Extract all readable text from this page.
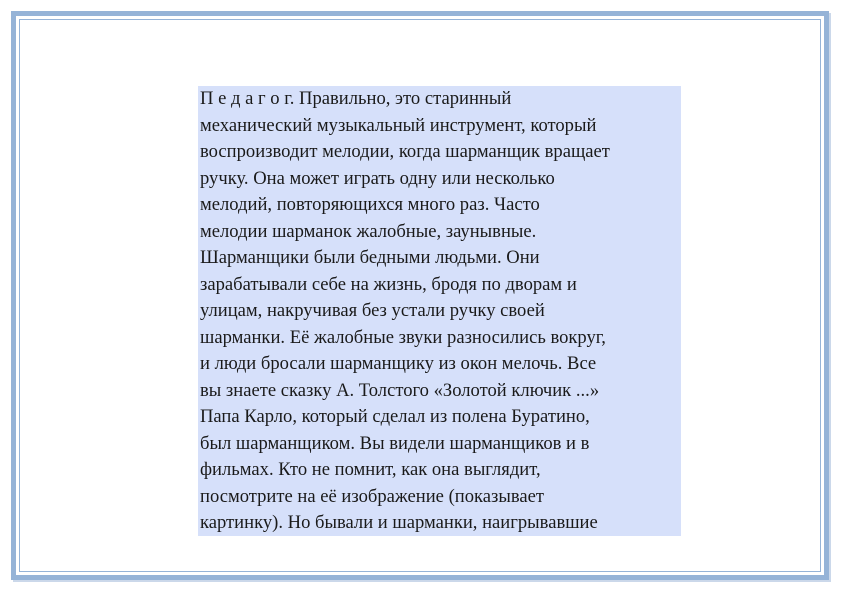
П е д а г о г. Правильно, это старинный
механический музыкальный инструмент, который
воспроизводит мелодии, когда шарманщик вращает
ручку. Она может играть одну или несколько
мелодий, повторяющихся много раз. Часто
мелодии шарманок жалобные, заунывные.
Шарманщики были бедными людьми. Они
зарабатывали себе на жизнь, бродя по дворам и
улицам, накручивая без устали ручку своей
шарманки. Её жалобные звуки разносились вокруг,
и люди бросали шарманщику из окон мелочь. Все
вы знаете сказку А. Толстого «Золотой ключик ...»
Папа Карло, который сделал из полена Буратино,
был шарманщиком. Вы видели шарманщиков и в
фильмах. Кто не помнит, как она выглядит,
посмотрите на её изображение (показывает
картинку). Но бывали и шарманки, наигрывавшие
